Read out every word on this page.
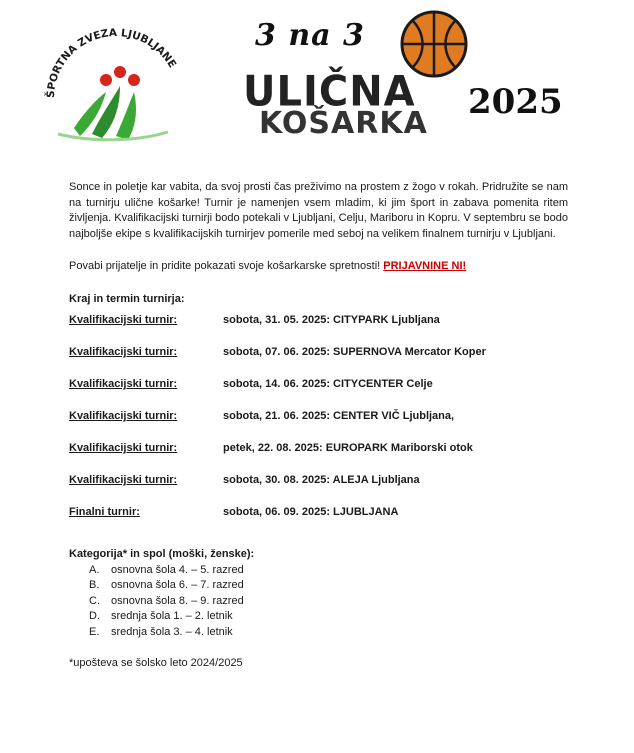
ŠPORTNA ZVEZA LJUBLJANE
3 na 3
ULIČNA
KOŠARKA
2025

Sonce in poletje kar vabita, da svoj prosti čas preživimo na prostem z žogo v rokah. Pridružite se nam na turnirju ulične košarke! Turnir je namenjen vsem mladim, ki jim šport in zabava pomenita ritem življenja. Kvalifikacijski turnirji bodo potekali v Ljubljani, Celju, Mariboru in Kopru. V septembru se bodo najboljše ekipe s kvalifikacijskih turnirjev pomerile med seboj na velikem finalnem turnirju v Ljubljani.

Povabi prijatelje in pridite pokazati svoje košarkarske spretnosti! PRIJAVNINE NI!

Kraj in termin turnirja:
Kvalifikacijski turnir:	sobota, 31. 05. 2025: CITYPARK Ljubljana
Kvalifikacijski turnir:	sobota, 07. 06. 2025: SUPERNOVA Mercator Koper
Kvalifikacijski turnir:	sobota, 14. 06. 2025: CITYCENTER Celje
Kvalifikacijski turnir:	sobota, 21. 06. 2025: CENTER VIČ Ljubljana,
Kvalifikacijski turnir:	petek, 22. 08. 2025: EUROPARK Mariborski otok
Kvalifikacijski turnir:	sobota, 30. 08. 2025: ALEJA Ljubljana
Finalni turnir:	sobota, 06. 09. 2025: LJUBLJANA
Kategorija* in spol (moški, ženske):
A.	osnovna šola 4. – 5. razred
B.	osnovna šola 6. – 7. razred
C.	osnovna šola 8. – 9. razred
D.	srednja šola 1. – 2. letnik
E.	srednja šola 3. – 4. letnik
*upošteva se šolsko leto 2024/2025
